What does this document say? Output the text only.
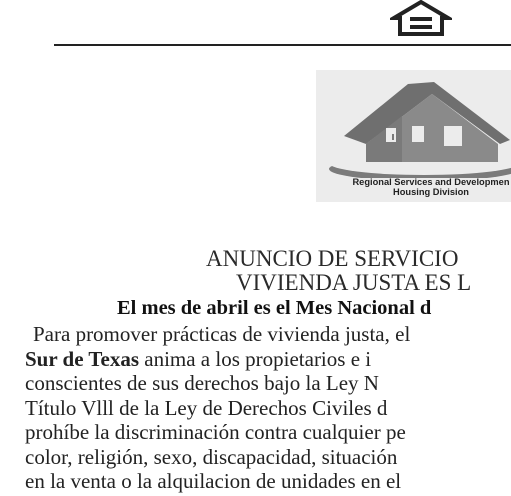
Regional Services and Developmen
Housing Division
ANUNCIO DE SERVICIO
VIVIENDA JUSTA ES L
El mes de abril es el Mes Nacional d
Para promover prácticas de vivienda justa, el
Sur de Texas anima a los propietarios e i
conscientes de sus derechos bajo la Ley N
Título Vlll de la Ley de Derechos Civiles d
prohíbe la discriminación contra cualquier pe
color, religión, sexo, discapacidad, situación
en la venta o la alquilacion de unidades en el
